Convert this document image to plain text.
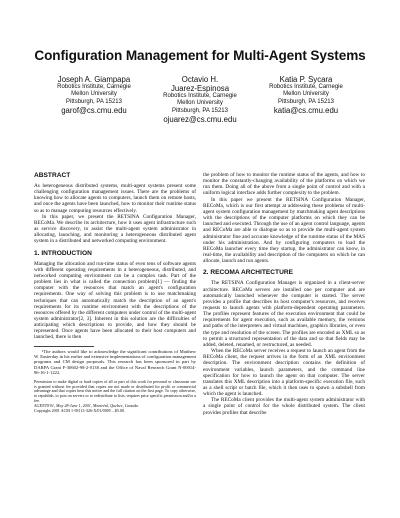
Configuration Management for Multi-Agent Systems
Joseph A. Giampapa
Robotics Institute, Carnegie
Mellon University
Pittsburgh, PA 15213
garof@cs.cmu.edu
Octavio H.
Juarez-Espinosa
Robotics Institute, Carnegie
Mellon University
Pittsburgh, PA 15213
ojuarez@cs.cmu.edu
Katia P. Sycara
Robotics Institute, Carnegie
Mellon University
Pittsburgh, PA 15213
katia@cs.cmu.edu
ABSTRACT

As heterogeneous distributed systems, multi-agent systems present some challenging configuration management issues. There are the problems of knowing how to allocate agents to computers, launch them on remote hosts, and once the agents have been launched, how to monitor their runtime status so as to manage computing resources effectively.

In this paper, we present the RETSINA Configuration Manager, RECoMa. We describe its architecture, how it uses agent infrastructure such as service discovery, to assist the multi-agent system administrator in allocating, launching, and monitoring a heterogeneous distributed agent system in a distributed and networked computing environment.

1. INTRODUCTION

Managing the allocation and run-time status of even tens of software agents with different operating requirements in a heterogeneous, distributed, and networked computing environment can be a complex task. Part of the problem lies in what is called the connection problem[1] — finding the computer with the resources that match an agent's configuration requirements. One way of solving this problem is to use matchmaking techniques that can automatically match the description of an agent's requirements for its runtime environment with the descriptions of the resources offered by the different computers under control of the multi-agent system administrator[2, 3]. Inherent in this solution are the difficulties of anticipating which descriptions to provide, and how they should be represented. Once agents have been allocated to their host computers and launched, there is then

¹The authors would like to acknowledge the significant contributions of Matthew W. Easterday in his earlier and extensive implementations of configuration management programs and CM design proposals. This research has been sponsored in part by DARPA Grant F-30602-98-2-0138 and the Office of Naval Research Grant N-00014-96-16-1-1222.

Permission to make digital or hard copies of all or part of this work for personal or classroom use is granted without fee provided that copies are not made or distributed for profit or commercial advantage and that copies bear this notice and the full citation on the first page. To copy otherwise, to republish, to post on servers or to redistribute to lists, requires prior specific permission and/or a fee.
AGENTS'01, May 28-June 1, 2001, Montréal, Quebec, Canada.
Copyright 2001 ACM 1-58113-326-X/01/0005 ...$5.00.

the problem of how to monitor the runtime status of the agents, and how to monitor the constantly-changing availability of the platforms on which we run them. Doing all of the above from a single point of control and with a uniform logical interface adds further complexity to the problem.

In this paper we present the RETSINA Configuration Manager, RECoMa, which is our first attempt at addressing these problems of multi-agent system configuration management by matchmaking agent descriptions with the descriptions of the computer platforms on which they can be launched and executed. Through the use of an agent control language, agents and RECoMa are able to dialogue so as to provide the multi-agent system administrator fine and accurate knowledge of the runtime status of the MAS under his administration. And by configuring computers to load the RECoMa launcher every time they startup, the administrator can know, in real-time, the availability and description of the computers on which he can allocate, launch and run agents.

2. RECOMA ARCHITECTURE

The RETSINA Configuration Manager is organized in a client-server architecture. RECoMa servers are installed one per computer and are automatically launched whenever the computer is started. The server provides a profile that describes its host computer's resources, and receives requests to launch agents with platform-dependent operating parameters. The profiles represent features of the execution environment that could be requirements for agent execution, such as available memory, the versions and paths of the interpreters and virtual machines, graphics libraries, or even the type and resolution of the screen. The profiles are encoded as XML so as to permit a structured representation of the data and so that fields may be added, deleted, renamed, or restructured, as needed.

When the RECoMa server receives a request to launch an agent from the RECoMa client, the request arrives in the form of an XML environment description. The environment description contains the definition of environment variables, launch parameters, and the command line specification for how to launch the agent on that computer. The server translates this XML description into a platform-specific execution file, such as a shell script or batch file, which it then uses to spawn a subshell from which the agent is launched.

The RECoMa client provides the multi-agent system administrator with a single point of control for the whole distributed system. The client provides profiles that describe
